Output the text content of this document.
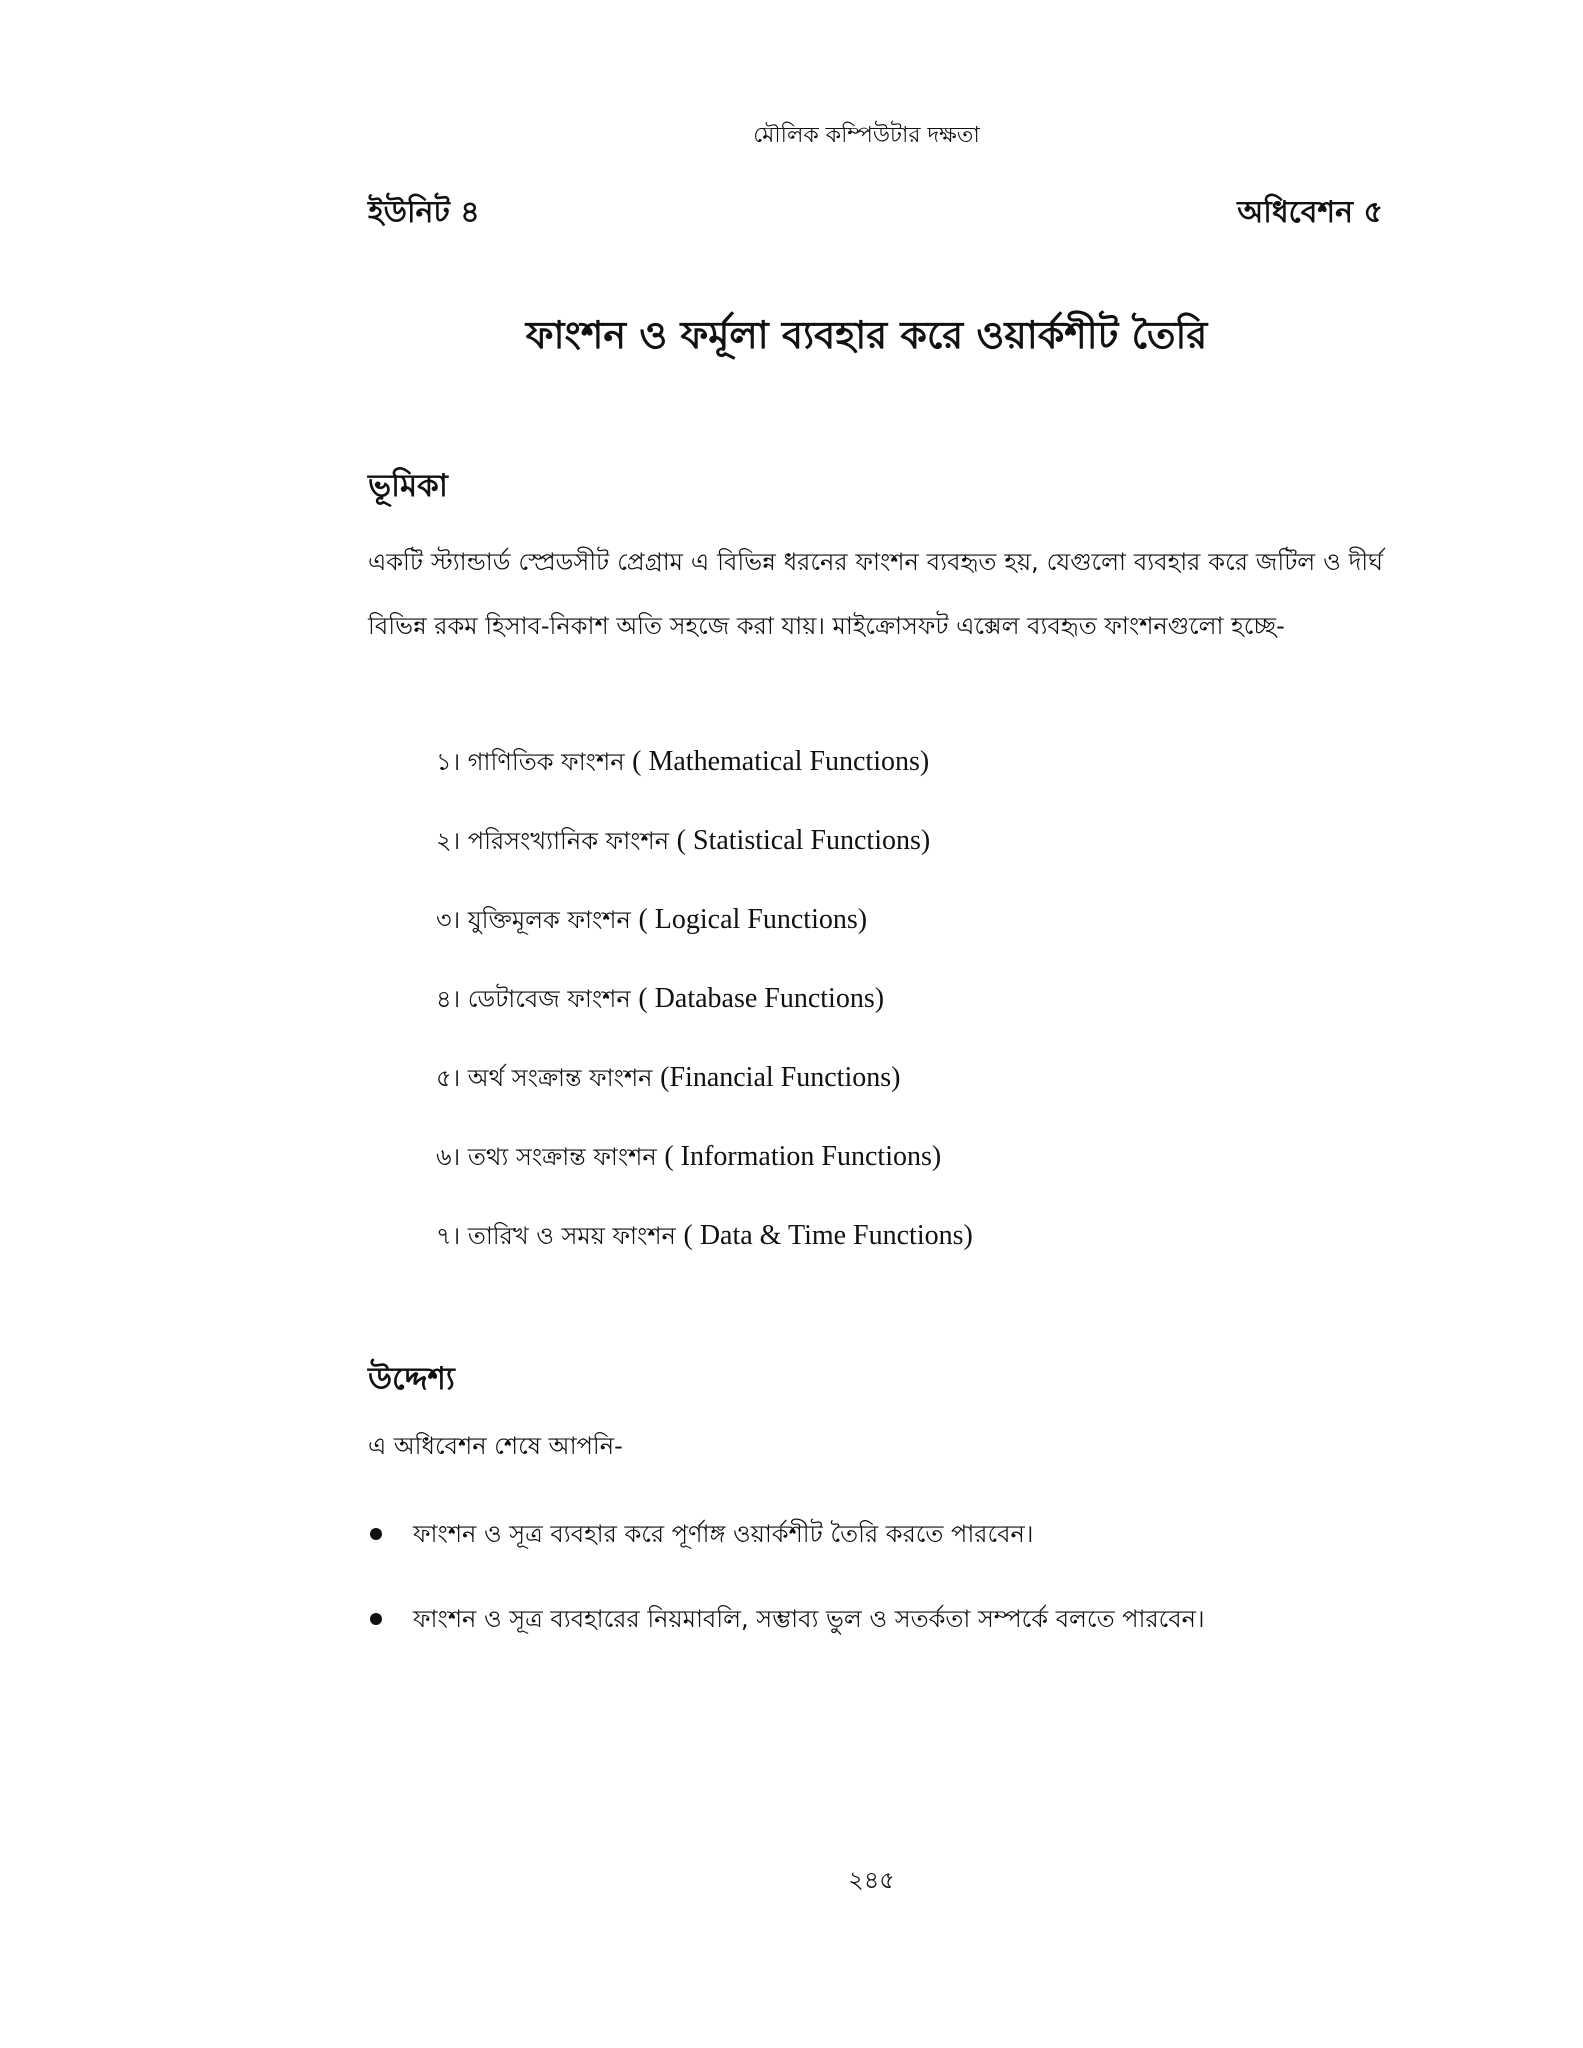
মৌলিক কম্পিউটার দক্ষতা
ইউনিট ৪	অধিবেশন ৫
ফাংশন ও ফর্মূলা ব্যবহার করে ওয়ার্কশীট তৈরি
ভূমিকা
একটি স্ট্যান্ডার্ড স্প্রেডসীট প্রেগ্রাম এ বিভিন্ন ধরনের ফাংশন ব্যবহৃত হয়, যেগুলো ব্যবহার করে জটিল ও দীর্ঘ বিভিন্ন রকম হিসাব-নিকাশ অতি সহজে করা যায়। মাইক্রোসফট এক্সেল ব্যবহৃত ফাংশনগুলো হচ্ছে-
১। গাণিতিক ফাংশন ( Mathematical Functions)
২। পরিসংখ্যানিক ফাংশন ( Statistical Functions)
৩। যুক্তিমূলক ফাংশন ( Logical Functions)
৪। ডেটাবেজ ফাংশন ( Database Functions)
৫। অর্থ সংক্রান্ত ফাংশন (Financial Functions)
৬। তথ্য সংক্রান্ত ফাংশন ( Information Functions)
৭। তারিখ ও সময় ফাংশন ( Data & Time Functions)
উদ্দেশ্য
এ অধিবেশন শেষে আপনি-
ফাংশন ও সূত্র ব্যবহার করে পূর্ণাঙ্গ ওয়ার্কশীট তৈরি করতে পারবেন।
ফাংশন ও সূত্র ব্যবহারের নিয়মাবলি, সম্ভাব্য ভুল ও সতর্কতা সম্পর্কে বলতে পারবেন।
২৪৫
